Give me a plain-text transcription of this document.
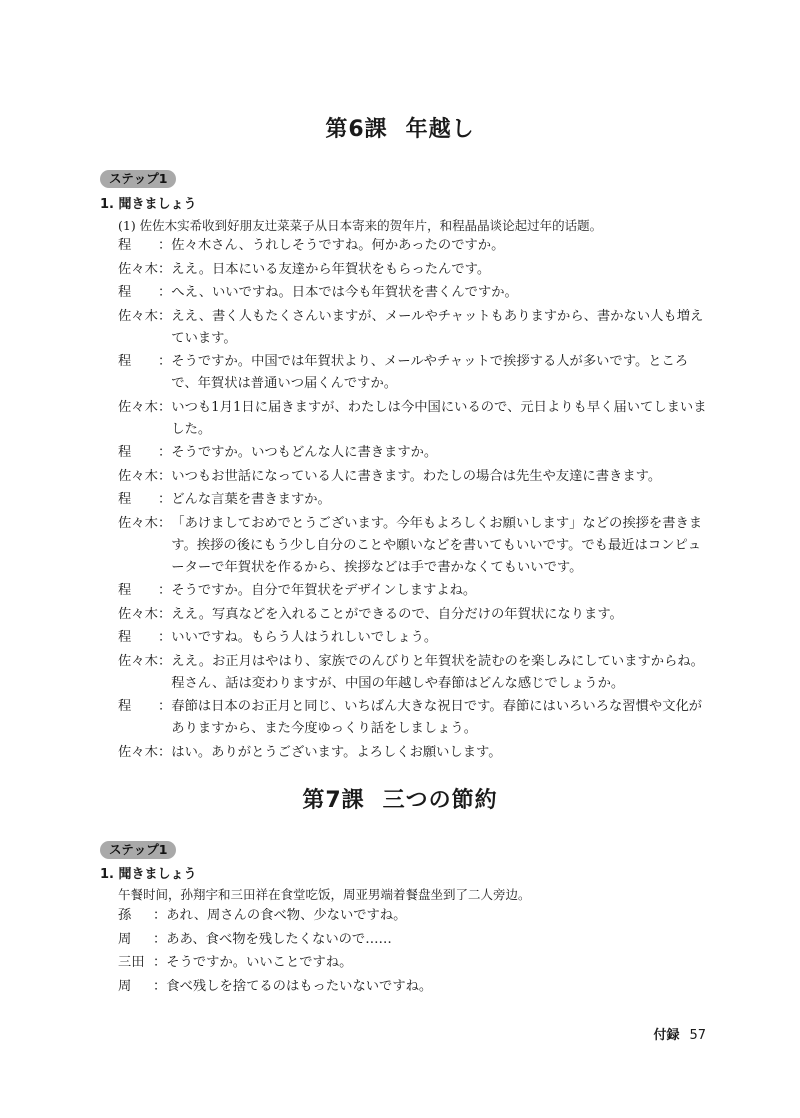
第6課 年越し
ステップ1
1. 聞きましょう
(1) 佐佐木实希收到好朋友辻菜菜子从日本寄来的贺年片，和程晶晶谈论起过年的话题。
程	： 佐々木さん、うれしそうですね。何かあったのですか。
佐々木 ： ええ。日本にいる友達から年賀状をもらったんです。
程	： へえ、いいですね。日本では今も年賀状を書くんですか。
佐々木 ： ええ、書く人もたくさんいますが、メールやチャットもありますから、書かない人も増えています。
程	： そうですか。中国では年賀状より、メールやチャットで挨拶する人が多いです。ところで、年賀状は普通いつ届くんですか。
佐々木 ： いつも1月1日に届きますが、わたしは今中国にいるので、元日よりも早く届いてしまいました。
程	： そうですか。いつもどんな人に書きますか。
佐々木 ： いつもお世話になっている人に書きます。わたしの場合は先生や友達に書きます。
程	： どんな言葉を書きますか。
佐々木 ： 「あけましておめでとうございます。今年もよろしくお願いします」などの挨拶を書きます。挨拶の後にもう少し自分のことや願いなどを書いてもいいです。でも最近はコンピューターで年賀状を作るから、挨拶などは手で書かなくてもいいです。
程	： そうですか。自分で年賀状をデザインしますよね。
佐々木 ： ええ。写真などを入れることができるので、自分だけの年賀状になります。
程	： いいですね。もらう人はうれしいでしょう。
佐々木 ： ええ。お正月はやはり、家族でのんびりと年賀状を読むのを楽しみにしていますからね。程さん、話は変わりますが、中国の年越しや春節はどんな感じでしょうか。
程	： 春節は日本のお正月と同じ、いちばん大きな祝日です。春節にはいろいろな習慣や文化がありますから、また今度ゆっくり話をしましょう。
佐々木 ： はい。ありがとうございます。よろしくお願いします。
第7課 三つの節約
ステップ1
1. 聞きましょう
午餐时间，孙翔宇和三田祥在食堂吃饭，周亚男端着餐盘坐到了二人旁边。
孫	： あれ、周さんの食べ物、少ないですね。
周	： ああ、食べ物を残したくないので……
三田 ： そうですか。いいことですね。
周	： 食べ残しを捨てるのはもったいないですね。
付録 57
